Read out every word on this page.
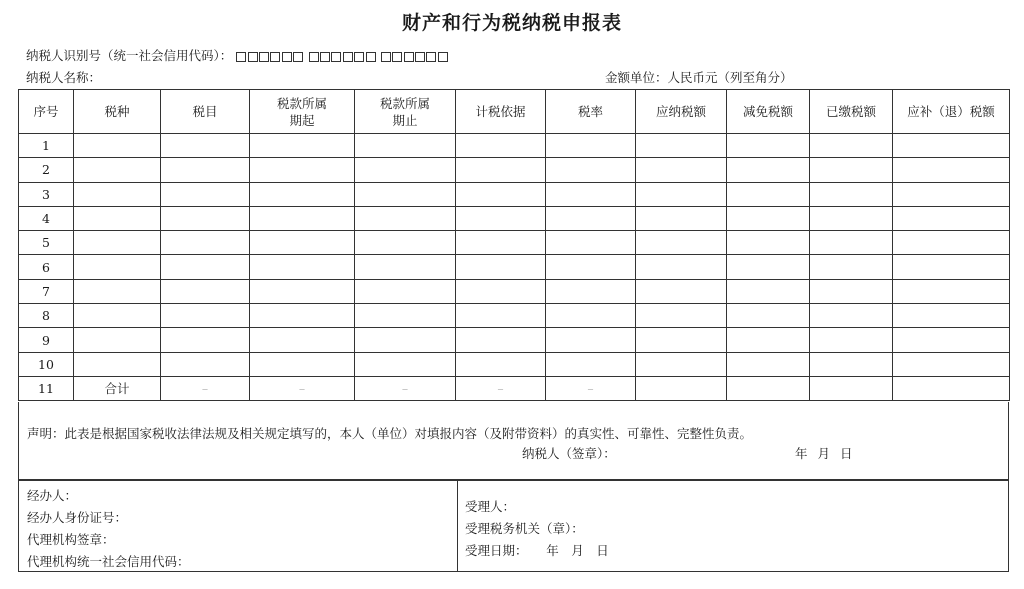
财产和行为税纳税申报表
纳税人识别号（统一社会信用代码）：
纳税人名称：	金额单位：人民币元（列至角分）
序号	税种	税目	税款所属期起	税款所属期止	计税依据	税率	应纳税额	减免税额	已缴税额	应补（退）税额
1										
2										
3										
4										
5										
6										
7										
8										
9										
10										
11	合计	–	–	–	–	–				
声明：此表是根据国家税收法律法规及相关规定填写的，本人（单位）对填报内容（及附带资料）的真实性、可靠性、完整性负责。
纳税人（签章）：	年 月 日
经办人：
经办人身份证号：
代理机构签章：
代理机构统一社会信用代码：
受理人：
受理税务机关（章）：
受理日期：　　年　月　日
